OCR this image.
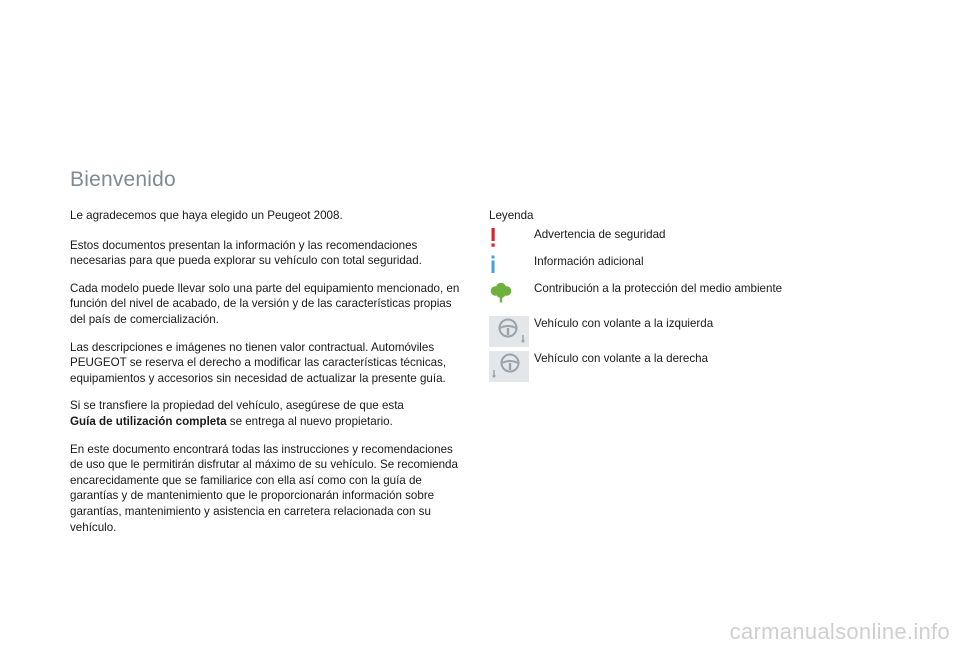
Bienvenido

Le agradecemos que haya elegido un Peugeot 2008.

Estos documentos presentan la información y las recomendaciones necesarias para que pueda explorar su vehículo con total seguridad.

Cada modelo puede llevar solo una parte del equipamiento mencionado, en función del nivel de acabado, de la versión y de las características propias del país de comercialización.

Las descripciones e imágenes no tienen valor contractual. Automóviles PEUGEOT se reserva el derecho a modificar las características técnicas, equipamientos y accesorios sin necesidad de actualizar la presente guía.

Si se transfiere la propiedad del vehículo, asegúrese de que esta
Guía de utilización completa se entrega al nuevo propietario.

En este documento encontrará todas las instrucciones y recomendaciones de uso que le permitirán disfrutar al máximo de su vehículo. Se recomienda encarecidamente que se familiarice con ella así como con la guía de garantías y de mantenimiento que le proporcionarán información sobre garantías, mantenimiento y asistencia en carretera relacionada con su vehículo.

Leyenda

Advertencia de seguridad
Información adicional
Contribución a la protección del medio ambiente
Vehículo con volante a la izquierda
Vehículo con volante a la derecha
carmanualsonline.info
